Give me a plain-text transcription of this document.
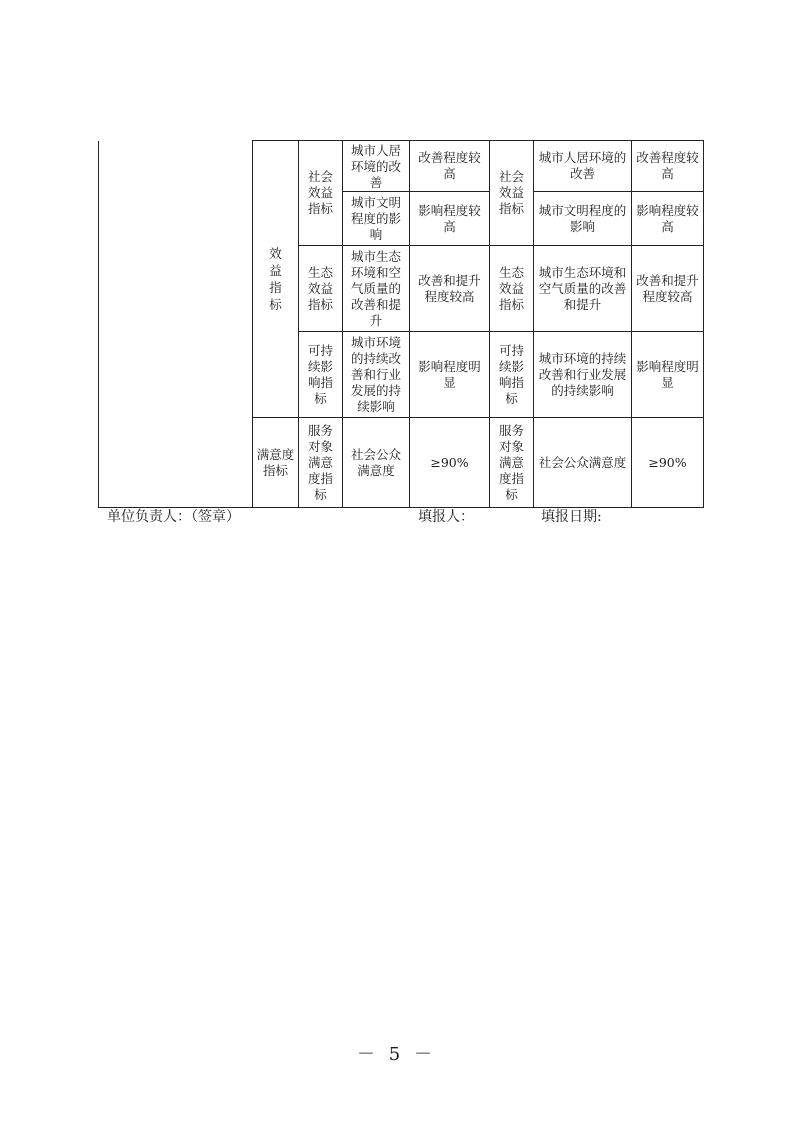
	效益指标	社会效益指标	城市人居环境的改善	改善程度较高	社会效益指标	城市人居环境的改善	改善程度较高
			城市文明程度的影响	影响程度较高		城市文明程度的影响	影响程度较高
		生态效益指标	城市生态环境和空气质量的改善和提升	改善和提升程度较高	生态效益指标	城市生态环境和空气质量的改善和提升	改善和提升程度较高
		可持续影响指标	城市环境的持续改善和行业发展的持续影响	影响程度明显	可持续影响指标	城市环境的持续改善和行业发展的持续影响	影响程度明显
	满意度指标	服务对象满意度指标	社会公众满意度	≥90%	服务对象满意度指标	社会公众满意度	≥90%
单位负责人：（签章）	填报人：	填报日期:
－ 5 －
